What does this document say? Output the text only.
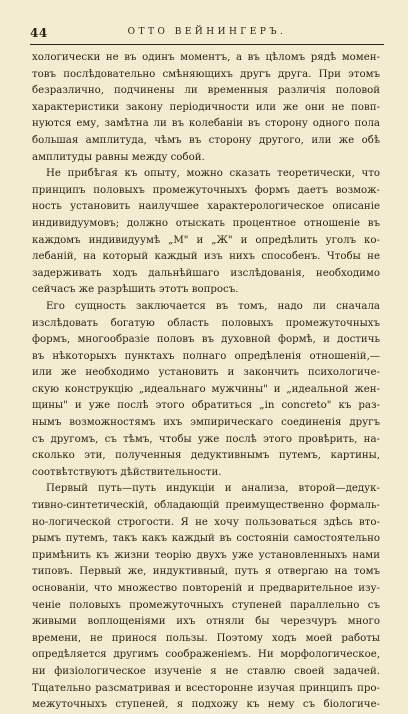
44	ОТТО ВЕЙНИНГЕРЪ.
хологически не въ одинъ моментъ, а въ цѣломъ рядѣ момен-
товъ послѣдовательно смѣняющихъ другъ друга. При этомъ
безразлично, подчинены ли временныя различія половой
характеристики закону періодичности или же они не повп-
нуются ему, замѣтна ли въ колебаніи въ сторону одного пола
большая амплитуда, чѣмъ въ сторону другого, или же обѣ
амплитуды равны между собой.
Не прибѣгая къ опыту, можно сказать теоретически, что
принципъ половыхъ промежуточныхъ формъ даетъ возмож-
ность установить наилучшее характерологическое описаніе
индивидуумовъ; должно отыскать процентное отношеніе въ
каждомъ индивидуумѣ „М" и „Ж" и опредѣлить уголъ ко-
лебаній, на который каждый изъ нихъ способенъ. Чтобы не
задерживать ходъ дальнѣйшаго изслѣдованія, необходимо
сейчасъ же разрѣшить этотъ вопросъ.
Его сущность заключается въ томъ, надо ли сначала
изслѣдовать богатую область половыхъ промежуточныхъ
формъ, многообразіе половъ въ духовной формѣ, и достичь
въ нѣкоторыхъ пунктахъ полнаго опредѣленія отношеній,—
или же необходимо установить и закончить психологиче-
скую конструкцію „идеальнаго мужчины" и „идеальной жен-
щины" и уже послѣ этого обратиться „in concreto" къ раз-
нымъ возможностямъ ихъ эмпирическаго соединенія другъ
съ другомъ, съ тѣмъ, чтобы уже послѣ этого провѣрить, на-
сколько эти, полученныя дедуктивнымъ путемъ, картины,
соотвѣтствуютъ дѣйствительности.
Первый путь—путь индукціи и анализа, второй—дедук-
тивно-синтетическій, обладающій преимущественно формаль-
но-логической строгости. Я не хочу пользоваться здѣсь вто-
рымъ путемъ, такъ какъ каждый въ состояніи самостоятельно
примѣнить къ жизни теорію двухъ уже установленныхъ нами
типовъ. Первый же, индуктивный, путь я отвергаю на томъ
основаніи, что множество повтореній и предварительное изу-
ченіе половыхъ промежуточныхъ ступеней параллельно съ
живыми воплощеніями ихъ отняли бы черезчуръ много
времени, не принося пользы. Поэтому ходъ моей работы
опредѣляется другимъ соображеніемъ. Ни морфологическое,
ни физіологическое изученіе я не ставлю своей задачей.
Тщательно разсматривая и всесторонне изучая принципъ про-
межуточныхъ ступеней, я подхожу къ нему съ біологиче-
